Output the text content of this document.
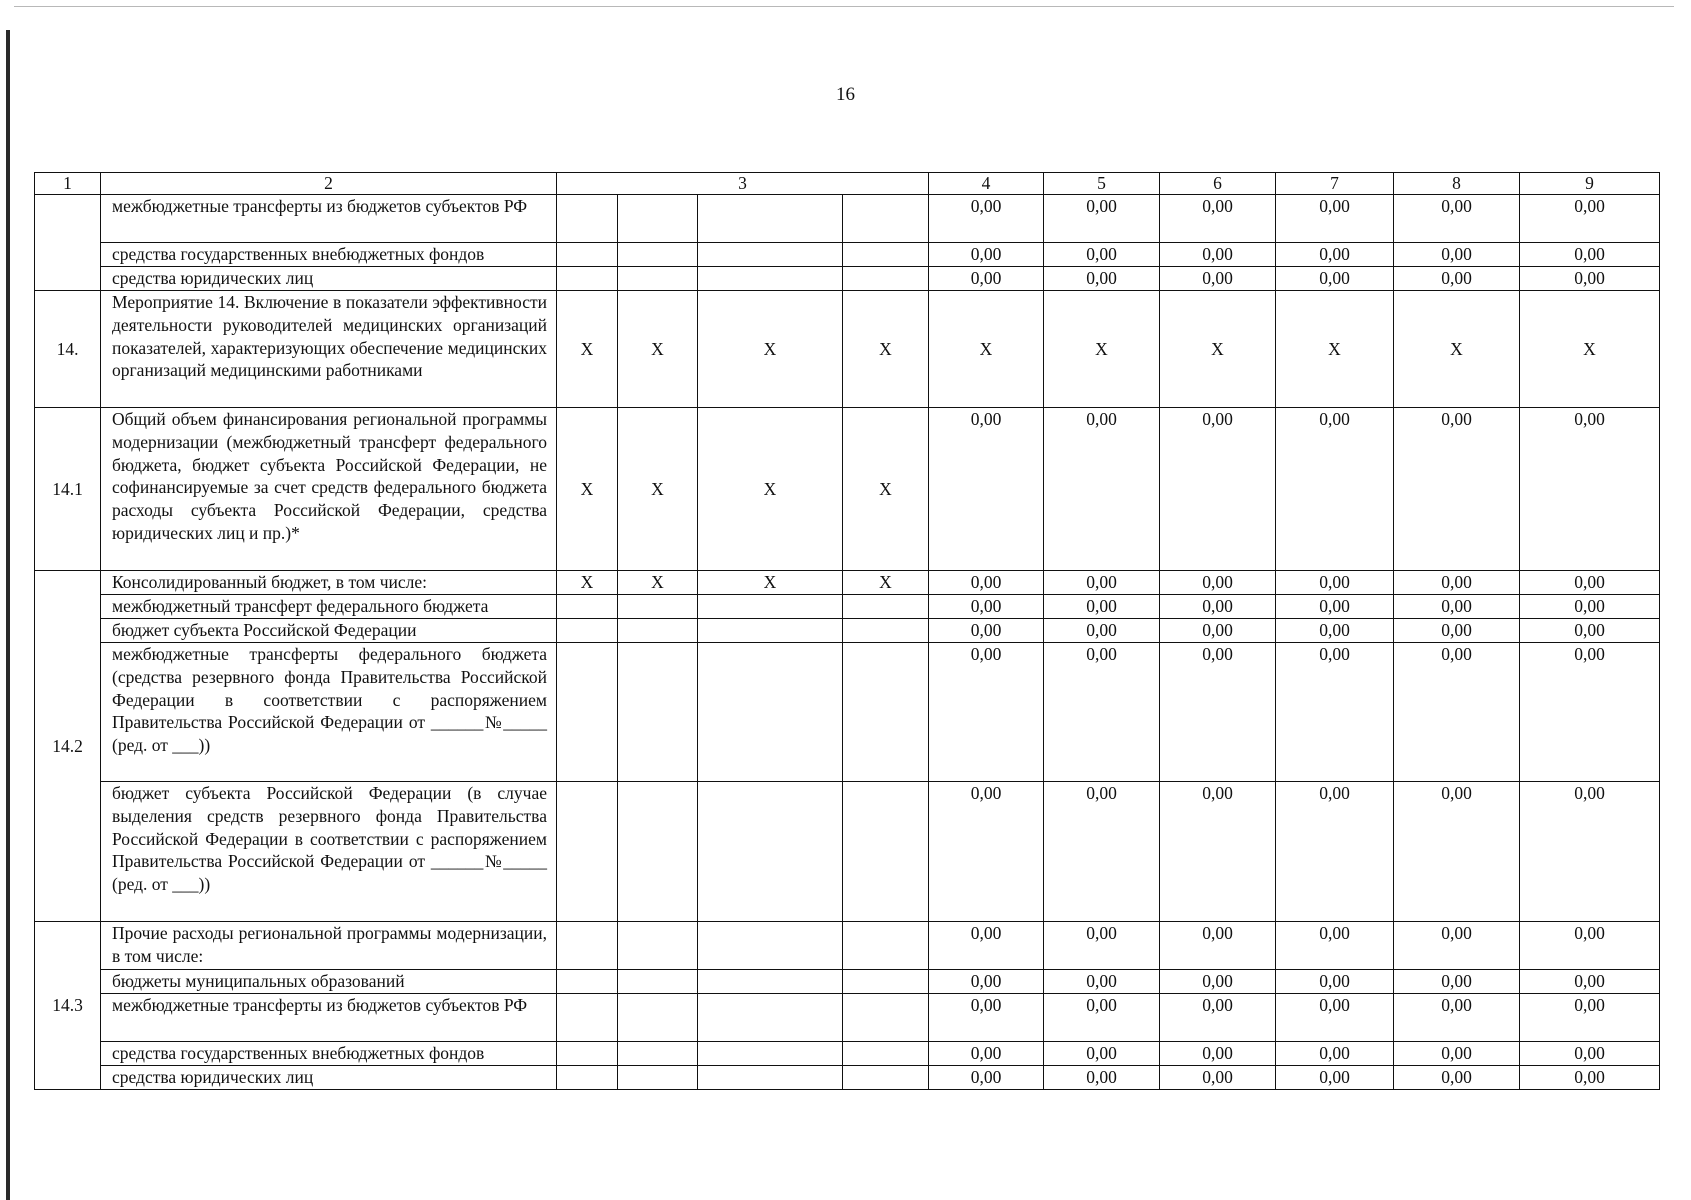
16
1	2	3				4	5	6	7	8	9
	межбюджетные трансферты из бюджетов субъектов РФ					0,00	0,00	0,00	0,00	0,00	0,00
	средства государственных внебюджетных фондов					0,00	0,00	0,00	0,00	0,00	0,00
	средства юридических лиц					0,00	0,00	0,00	0,00	0,00	0,00
14.	Мероприятие 14. Включение в показатели эффективности деятельности руководителей медицинских организаций показателей, характеризующих обеспечение медицинских организаций медицинскими работниками	Х	Х	Х	Х	Х	Х	Х	Х	Х	Х
14.1	Общий объем финансирования региональной программы модернизации (межбюджетный трансферт федерального бюджета, бюджет субъекта Российской Федерации, не софинансируемые за счет средств федерального бюджета расходы субъекта Российской Федерации, средства юридических лиц и пр.)*	Х	Х	Х	Х	0,00	0,00	0,00	0,00	0,00	0,00
14.2	Консолидированный бюджет, в том числе:	Х	Х	Х	Х	0,00	0,00	0,00	0,00	0,00	0,00
	межбюджетный трансферт федерального бюджета					0,00	0,00	0,00	0,00	0,00	0,00
	бюджет субъекта Российской Федерации					0,00	0,00	0,00	0,00	0,00	0,00
	межбюджетные трансферты федерального бюджета (средства резервного фонда Правительства Российской Федерации в соответствии с распоряжением Правительства Российской Федерации от ______№_____ (ред. от ___))					0,00	0,00	0,00	0,00	0,00	0,00
	бюджет субъекта Российской Федерации (в случае выделения средств резервного фонда Правительства Российской Федерации в соответствии с распоряжением Правительства Российской Федерации от ______№_____ (ред. от ___))					0,00	0,00	0,00	0,00	0,00	0,00
14.3	Прочие расходы региональной программы модернизации, в том числе:					0,00	0,00	0,00	0,00	0,00	0,00
	бюджеты муниципальных образований					0,00	0,00	0,00	0,00	0,00	0,00
	межбюджетные трансферты из бюджетов субъектов РФ					0,00	0,00	0,00	0,00	0,00	0,00
	средства государственных внебюджетных фондов					0,00	0,00	0,00	0,00	0,00	0,00
	средства юридических лиц					0,00	0,00	0,00	0,00	0,00	0,00
